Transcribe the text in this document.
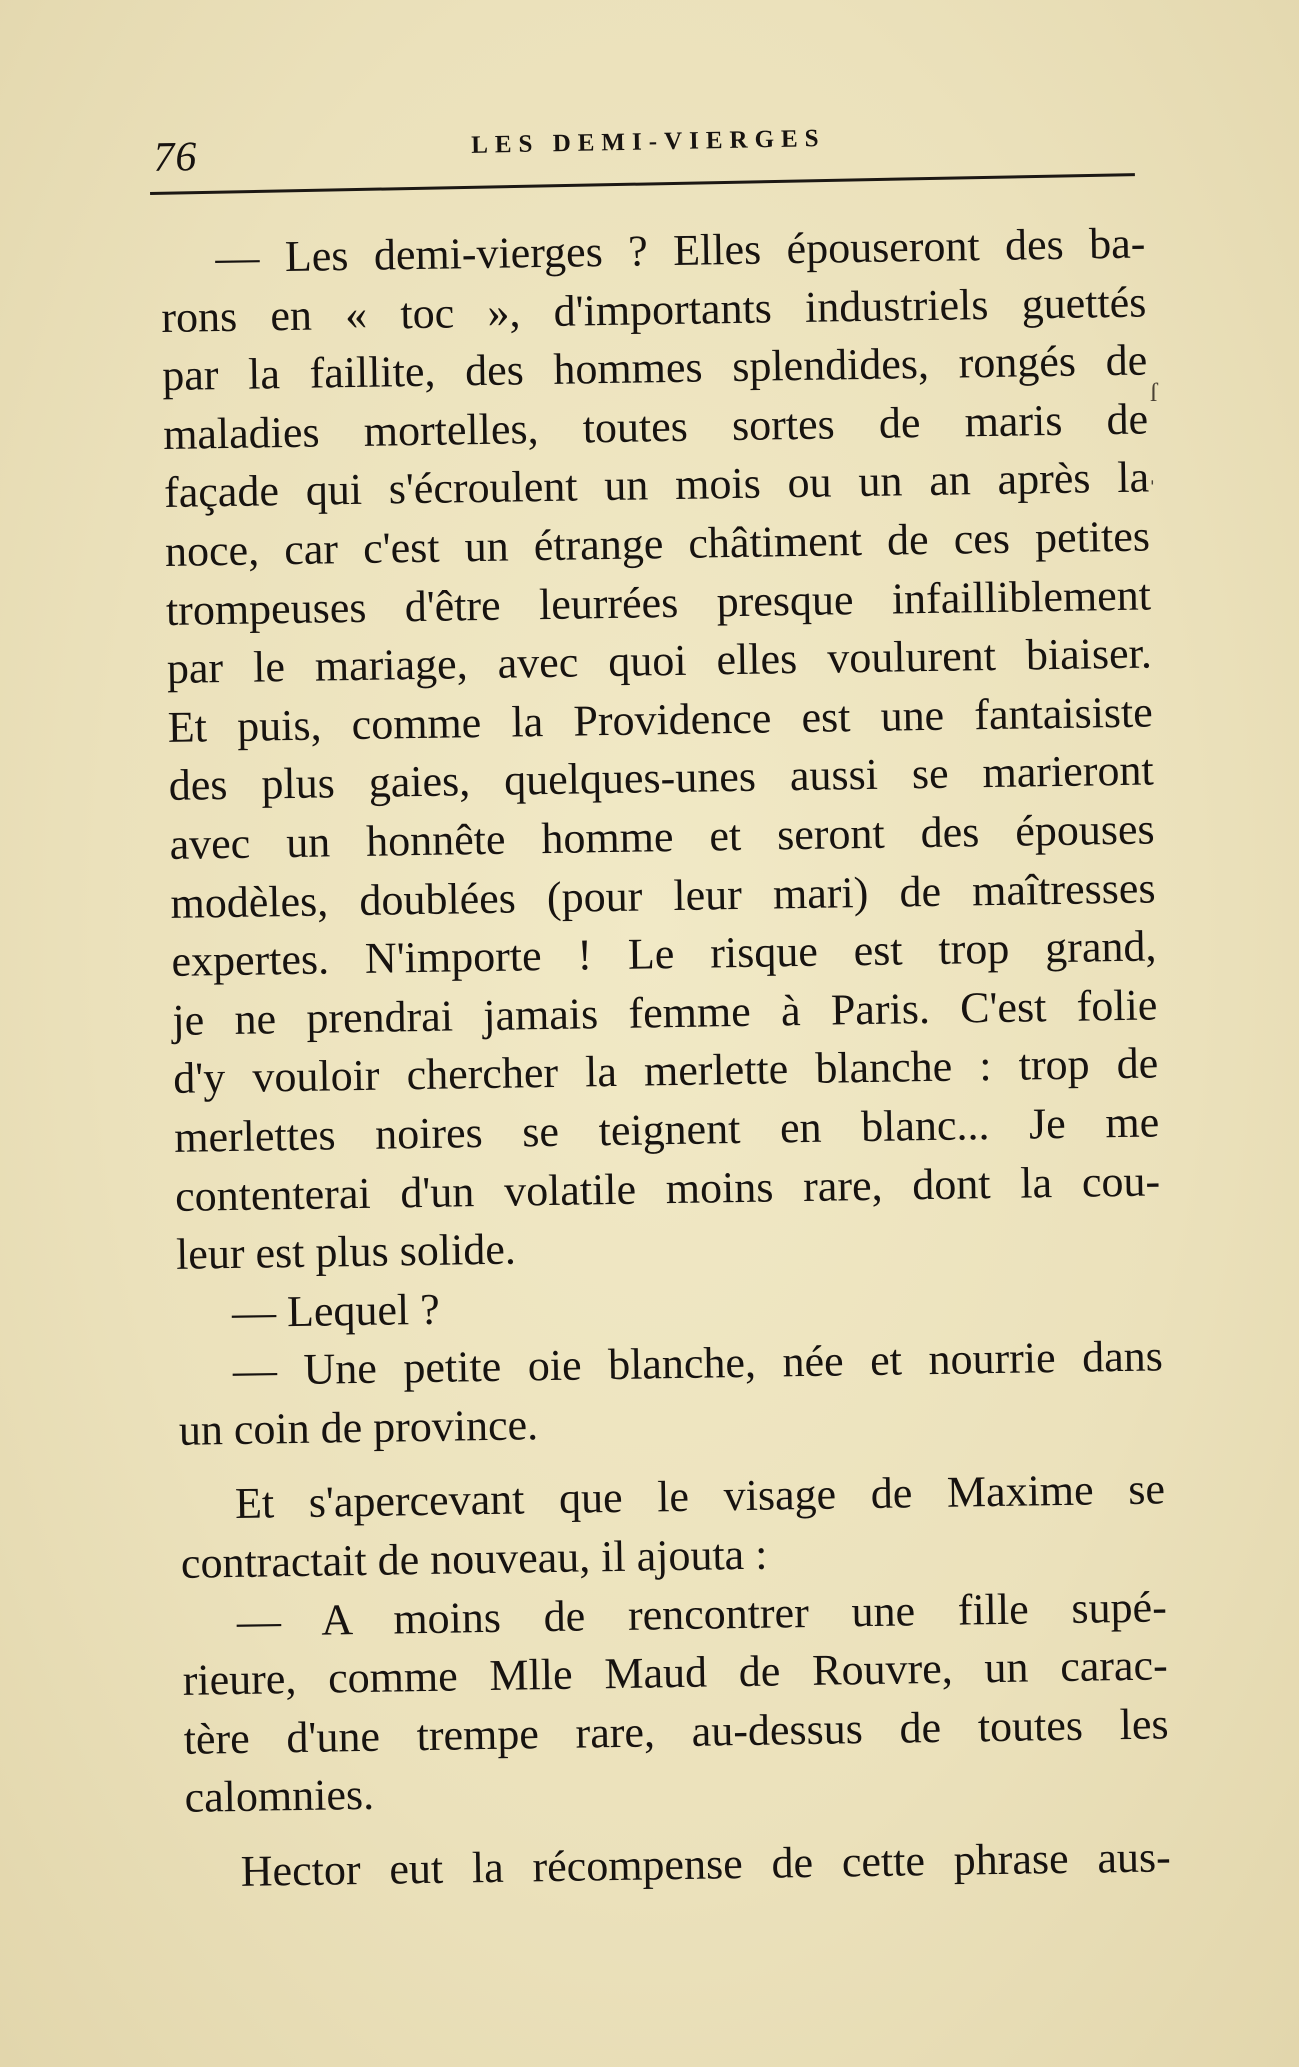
76	LES DEMI-VIERGES
— Les demi-vierges ? Elles épouseront des ba-
rons en « toc », d'importants industriels guettés
par la faillite, des hommes splendides, rongés de
maladies mortelles, toutes sortes de maris de
façade qui s'écroulent un mois ou un an après la
noce, car c'est un étrange châtiment de ces petites
trompeuses d'être leurrées presque infailliblement
par le mariage, avec quoi elles voulurent biaiser.
Et puis, comme la Providence est une fantaisiste
des plus gaies, quelques-unes aussi se marieront
avec un honnête homme et seront des épouses
modèles, doublées (pour leur mari) de maîtresses
expertes. N'importe ! Le risque est trop grand,
je ne prendrai jamais femme à Paris. C'est folie
d'y vouloir chercher la merlette blanche : trop de
merlettes noires se teignent en blanc... Je me
contenterai d'un volatile moins rare, dont la cou-
leur est plus solide.
— Lequel ?
— Une petite oie blanche, née et nourrie dans
un coin de province.
Et s'apercevant que le visage de Maxime se
contractait de nouveau, il ajouta :
— A moins de rencontrer une fille supé-
rieure, comme Mlle Maud de Rouvre, un carac-
tère d'une trempe rare, au-dessus de toutes les
calomnies.
Hector eut la récompense de cette phrase aus-
ſ
ˌ
